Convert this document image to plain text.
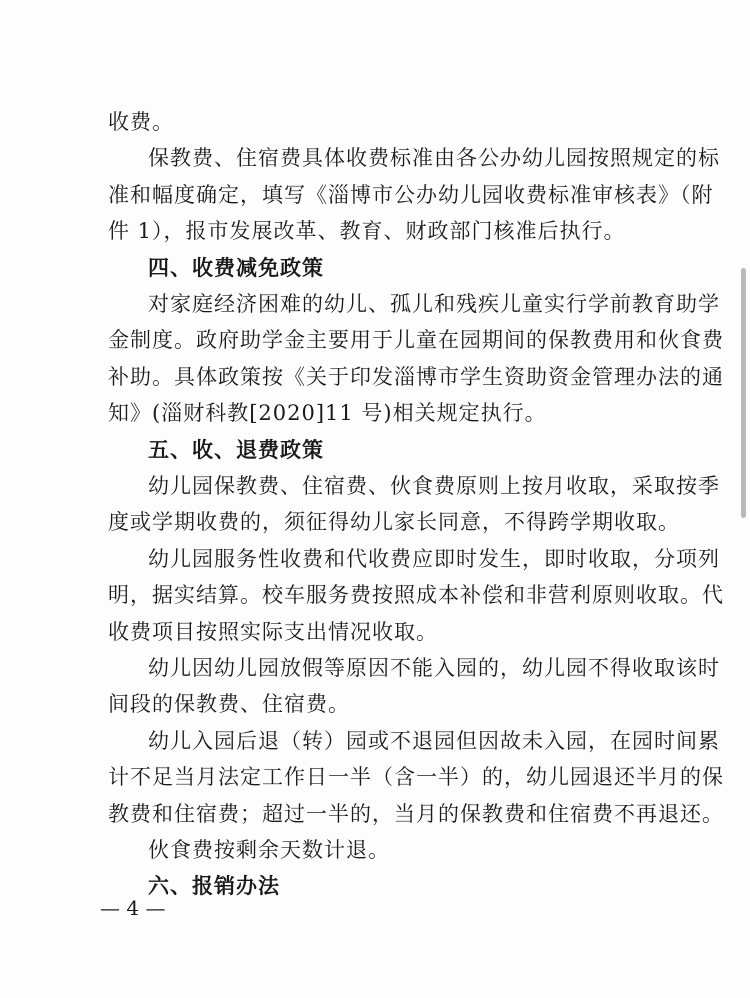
收费。
保教费、住宿费具体收费标准由各公办幼儿园按照规定的标
准和幅度确定，填写《淄博市公办幼儿园收费标准审核表》（附
件 1），报市发展改革、教育、财政部门核准后执行。
四、收费减免政策
对家庭经济困难的幼儿、孤儿和残疾儿童实行学前教育助学
金制度。政府助学金主要用于儿童在园期间的保教费用和伙食费
补助。具体政策按《关于印发淄博市学生资助资金管理办法的通
知》(淄财科教[2020]11 号)相关规定执行。
五、收、退费政策
幼儿园保教费、住宿费、伙食费原则上按月收取，采取按季
度或学期收费的，须征得幼儿家长同意，不得跨学期收取。
幼儿园服务性收费和代收费应即时发生，即时收取，分项列
明，据实结算。校车服务费按照成本补偿和非营利原则收取。代
收费项目按照实际支出情况收取。
幼儿因幼儿园放假等原因不能入园的，幼儿园不得收取该时
间段的保教费、住宿费。
幼儿入园后退（转）园或不退园但因故未入园，在园时间累
计不足当月法定工作日一半（含一半）的，幼儿园退还半月的保
教费和住宿费；超过一半的，当月的保教费和住宿费不再退还。
伙食费按剩余天数计退。
六、报销办法
— 4 —
